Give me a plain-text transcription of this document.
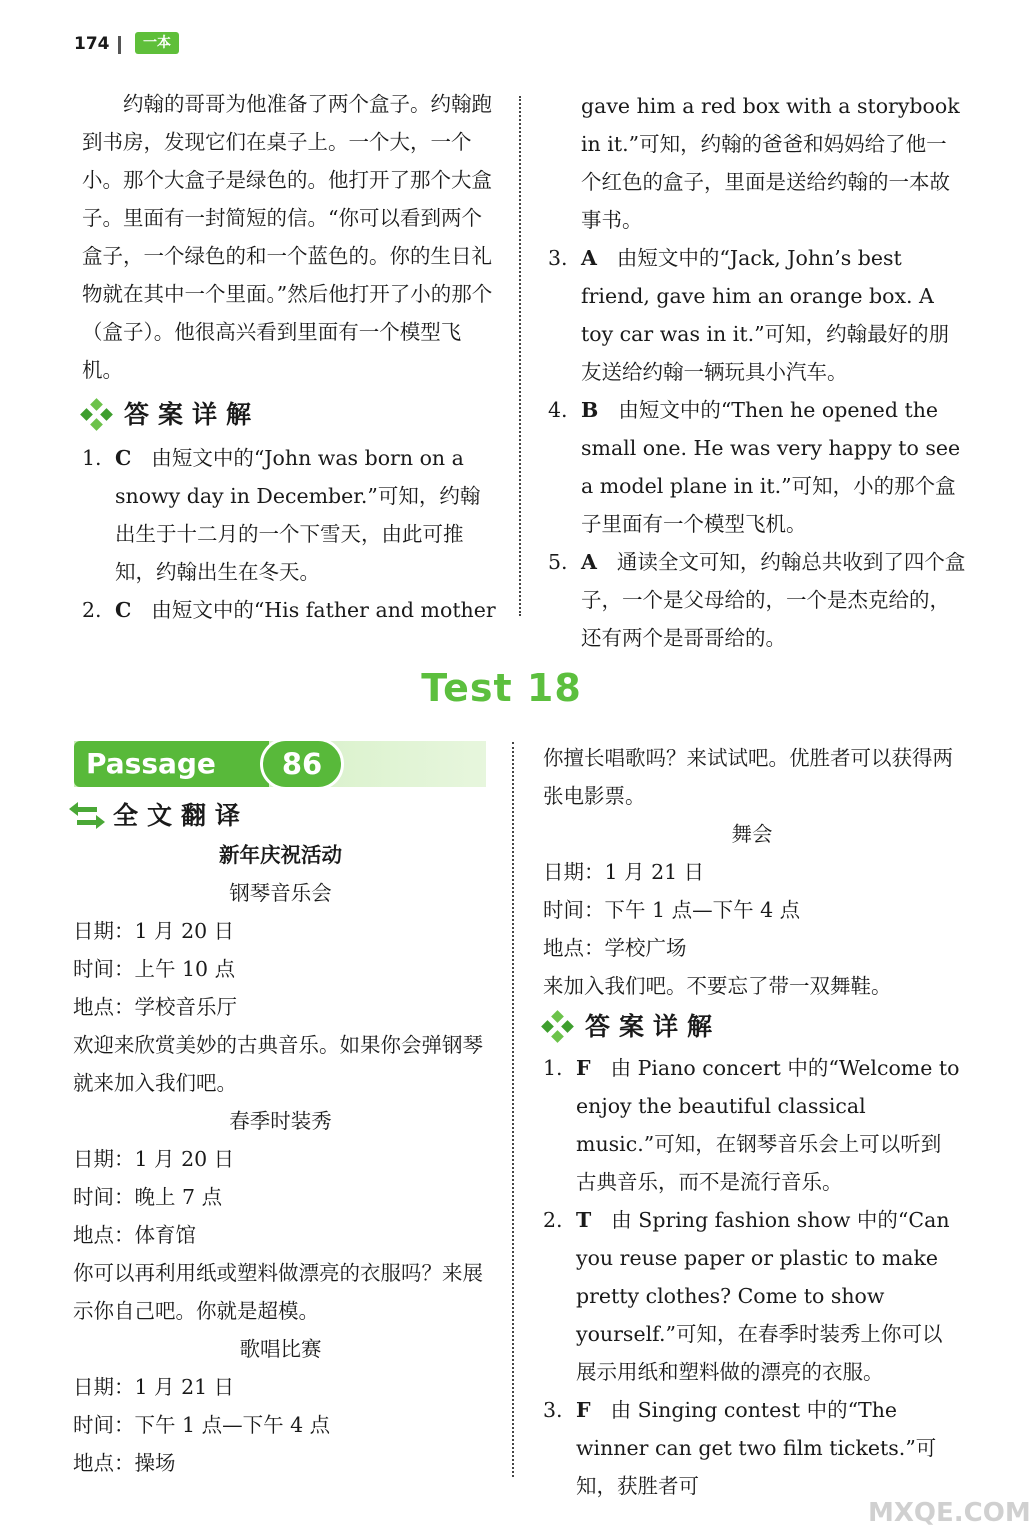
174	一本

约翰的哥哥为他准备了两个盒子。约翰跑到书房，发现它们在桌子上。一个大，一个小。那个大盒子是绿色的。他打开了那个大盒子。里面有一封简短的信。“你可以看到两个盒子，一个绿色的和一个蓝色的。你的生日礼物就在其中一个里面。”然后他打开了小的那个（盒子）。他很高兴看到里面有一个模型飞机。

答案详解
1. C 由短文中的“John was born on a snowy day in December.”可知，约翰出生于十二月的一个下雪天，由此可推知，约翰出生在冬天。
2. C 由短文中的“His father and mother
gave him a red box with a storybook in it.”可知，约翰的爸爸和妈妈给了他一个红色的盒子，里面是送给约翰的一本故事书。
3. A 由短文中的“Jack, John’s best friend, gave him an orange box. A toy car was in it.”可知，约翰最好的朋友送给约翰一辆玩具小汽车。
4. B 由短文中的“Then he opened the small one. He was very happy to see a model plane in it.”可知，小的那个盒子里面有一个模型飞机。
5. A 通读全文可知，约翰总共收到了四个盒子，一个是父母给的，一个是杰克给的，还有两个是哥哥给的。
Test 18
Passage	86
全文翻译
新年庆祝活动
钢琴音乐会
日期：1 月 20 日
时间：上午 10 点
地点：学校音乐厅
欢迎来欣赏美妙的古典音乐。如果你会弹钢琴就来加入我们吧。
春季时装秀
日期：1 月 20 日
时间：晚上 7 点
地点：体育馆
你可以再利用纸或塑料做漂亮的衣服吗？来展示你自己吧。你就是超模。
歌唱比赛
日期：1 月 21 日
时间：下午 1 点—下午 4 点
地点：操场
你擅长唱歌吗？来试试吧。优胜者可以获得两张电影票。
舞会
日期：1 月 21 日
时间：下午 1 点—下午 4 点
地点：学校广场
来加入我们吧。不要忘了带一双舞鞋。
答案详解
1. F 由 Piano concert 中的“Welcome to enjoy the beautiful classical music.”可知，在钢琴音乐会上可以听到古典音乐，而不是流行音乐。
2. T 由 Spring fashion show 中的“Can you reuse paper or plastic to make pretty clothes? Come to show yourself.”可知，在春季时装秀上你可以展示用纸和塑料做的漂亮的衣服。
3. F 由 Singing contest 中的“The winner can get two film tickets.”可知，获胜者可
MXQE.COM
